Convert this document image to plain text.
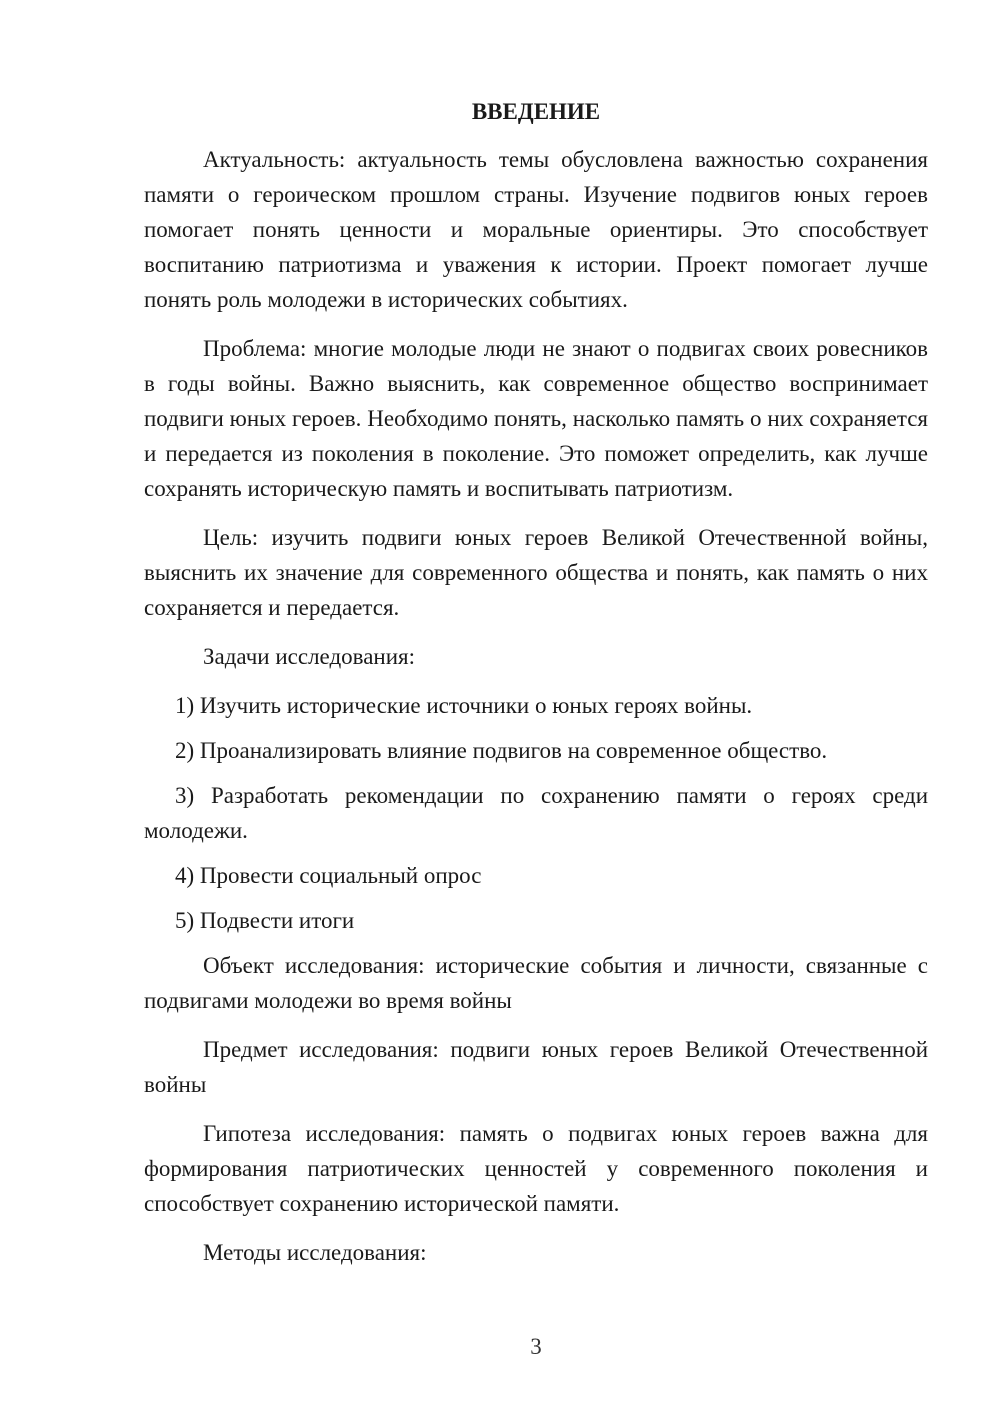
ВВЕДЕНИЕ

Актуальность: актуальность темы обусловлена важностью сохранения памяти о героическом прошлом страны. Изучение подвигов юных героев помогает понять ценности и моральные ориентиры. Это способствует воспитанию патриотизма и уважения к истории. Проект помогает лучше понять роль молодежи в исторических событиях.

Проблема: многие молодые люди не знают о подвигах своих ровесников в годы войны. Важно выяснить, как современное общество воспринимает подвиги юных героев. Необходимо понять, насколько память о них сохраняется и передается из поколения в поколение. Это поможет определить, как лучше сохранять историческую память и воспитывать патриотизм.

Цель: изучить подвиги юных героев Великой Отечественной войны, выяснить их значение для современного общества и понять, как память о них сохраняется и передается.

Задачи исследования:

1) Изучить исторические источники о юных героях войны.

2) Проанализировать влияние подвигов на современное общество.

3) Разработать рекомендации по сохранению памяти о героях среди молодежи.

4) Провести социальный опрос

5) Подвести итоги

Объект исследования: исторические события и личности, связанные с подвигами молодежи во время войны

Предмет исследования: подвиги юных героев Великой Отечественной войны

Гипотеза исследования: память о подвигах юных героев важна для формирования патриотических ценностей у современного поколения и способствует сохранению исторической памяти.

Методы исследования:

3
